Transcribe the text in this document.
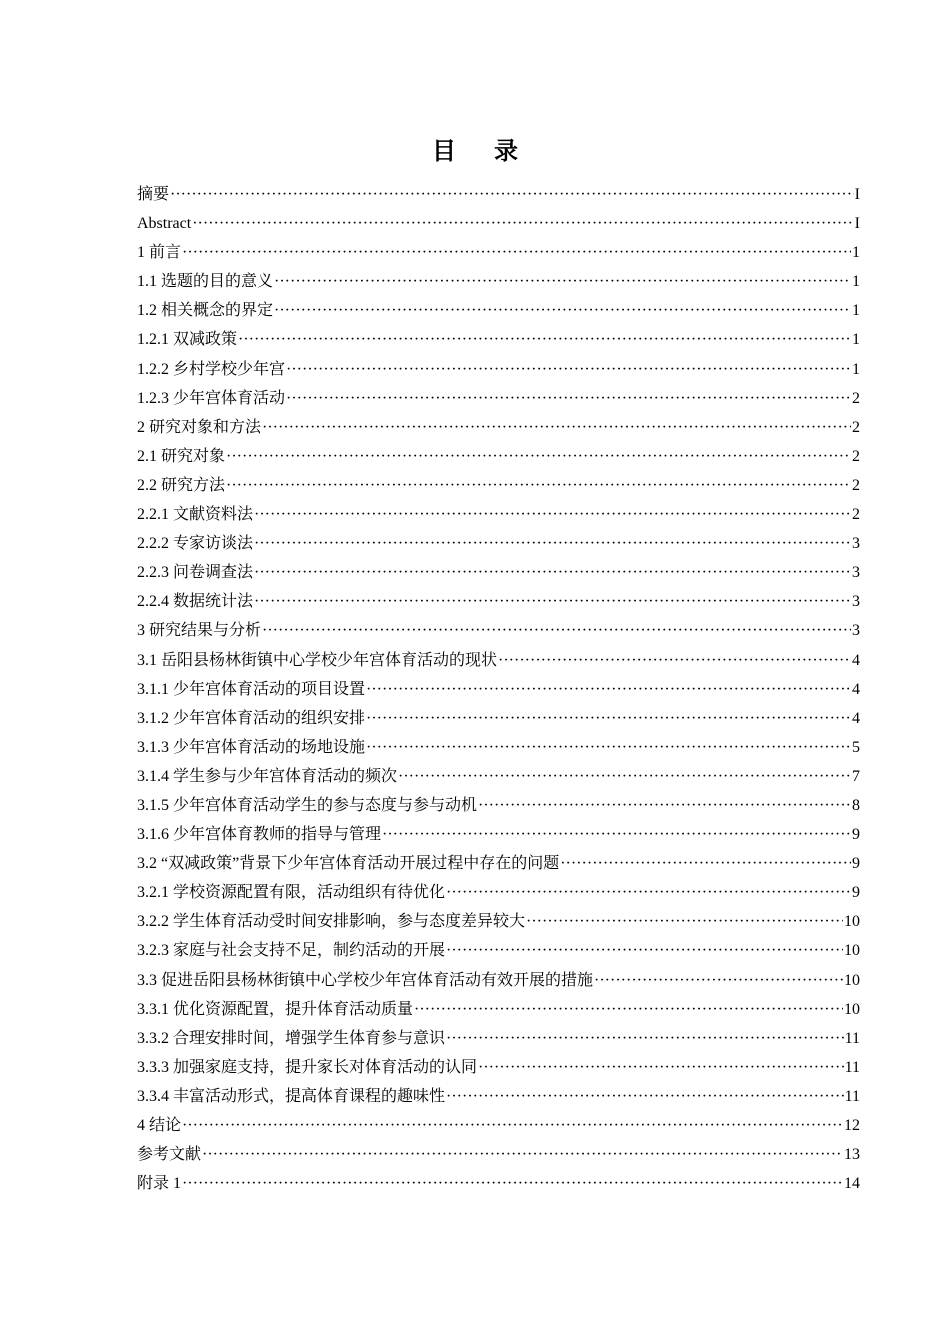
目录
摘要 ·····	I
Abstract ·····	I
1 前言 ·····	1
1.1 选题的目的意义 ·····	1
1.2 相关概念的界定 ·····	1
1.2.1 双减政策 ·····	1
1.2.2 乡村学校少年宫 ·····	1
1.2.3 少年宫体育活动 ·····	2
2 研究对象和方法 ·····	2
2.1 研究对象 ·····	2
2.2 研究方法 ·····	2
2.2.1 文献资料法 ·····	2
2.2.2 专家访谈法 ·····	3
2.2.3 问卷调查法 ·····	3
2.2.4 数据统计法 ·····	3
3 研究结果与分析 ·····	3
3.1 岳阳县杨林街镇中心学校少年宫体育活动的现状 ·····	4
3.1.1 少年宫体育活动的项目设置 ·····	4
3.1.2 少年宫体育活动的组织安排 ·····	4
3.1.3 少年宫体育活动的场地设施 ·····	5
3.1.4 学生参与少年宫体育活动的频次 ·····	7
3.1.5 少年宫体育活动学生的参与态度与参与动机 ·····	8
3.1.6 少年宫体育教师的指导与管理 ·····	9
3.2 “双减政策”背景下少年宫体育活动开展过程中存在的问题 ·····	9
3.2.1 学校资源配置有限，活动组织有待优化 ·····	9
3.2.2 学生体育活动受时间安排影响，参与态度差异较大 ·····	10
3.2.3 家庭与社会支持不足，制约活动的开展 ·····	10
3.3 促进岳阳县杨林街镇中心学校少年宫体育活动有效开展的措施 ·····	10
3.3.1 优化资源配置，提升体育活动质量 ·····	10
3.3.2 合理安排时间，增强学生体育参与意识 ·····	11
3.3.3 加强家庭支持，提升家长对体育活动的认同 ·····	11
3.3.4 丰富活动形式，提高体育课程的趣味性 ·····	11
4 结论 ·····	12
参考文献 ·····	13
附录 1 ·····	14
